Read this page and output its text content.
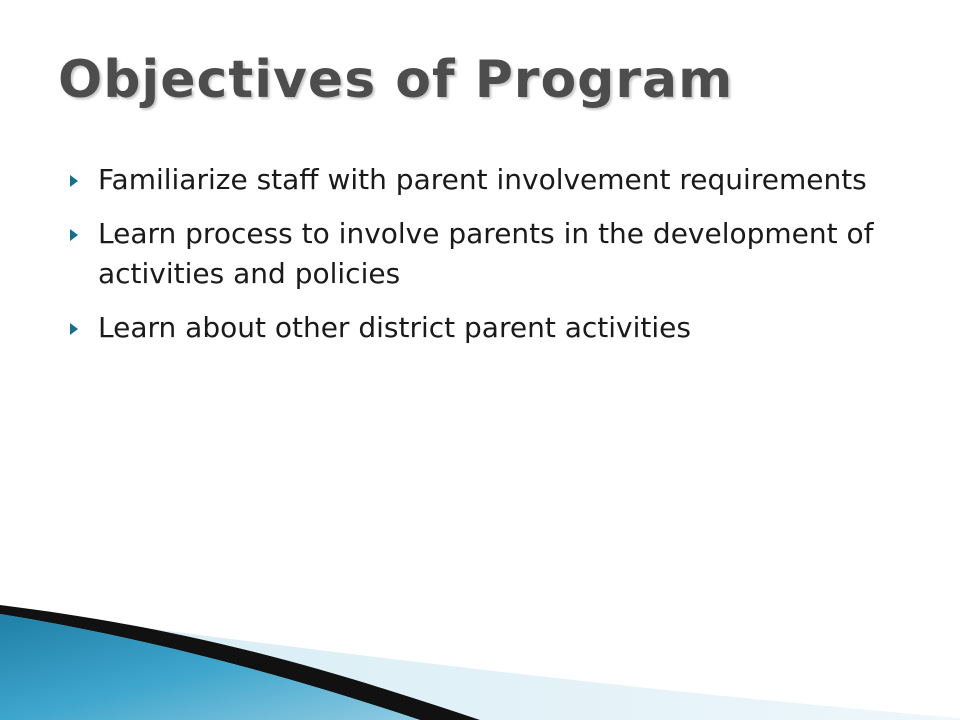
Objectives of Program
Familiarize staff with parent involvement requirements
Learn process to involve parents in the development of activities and policies
Learn about other district parent activities
